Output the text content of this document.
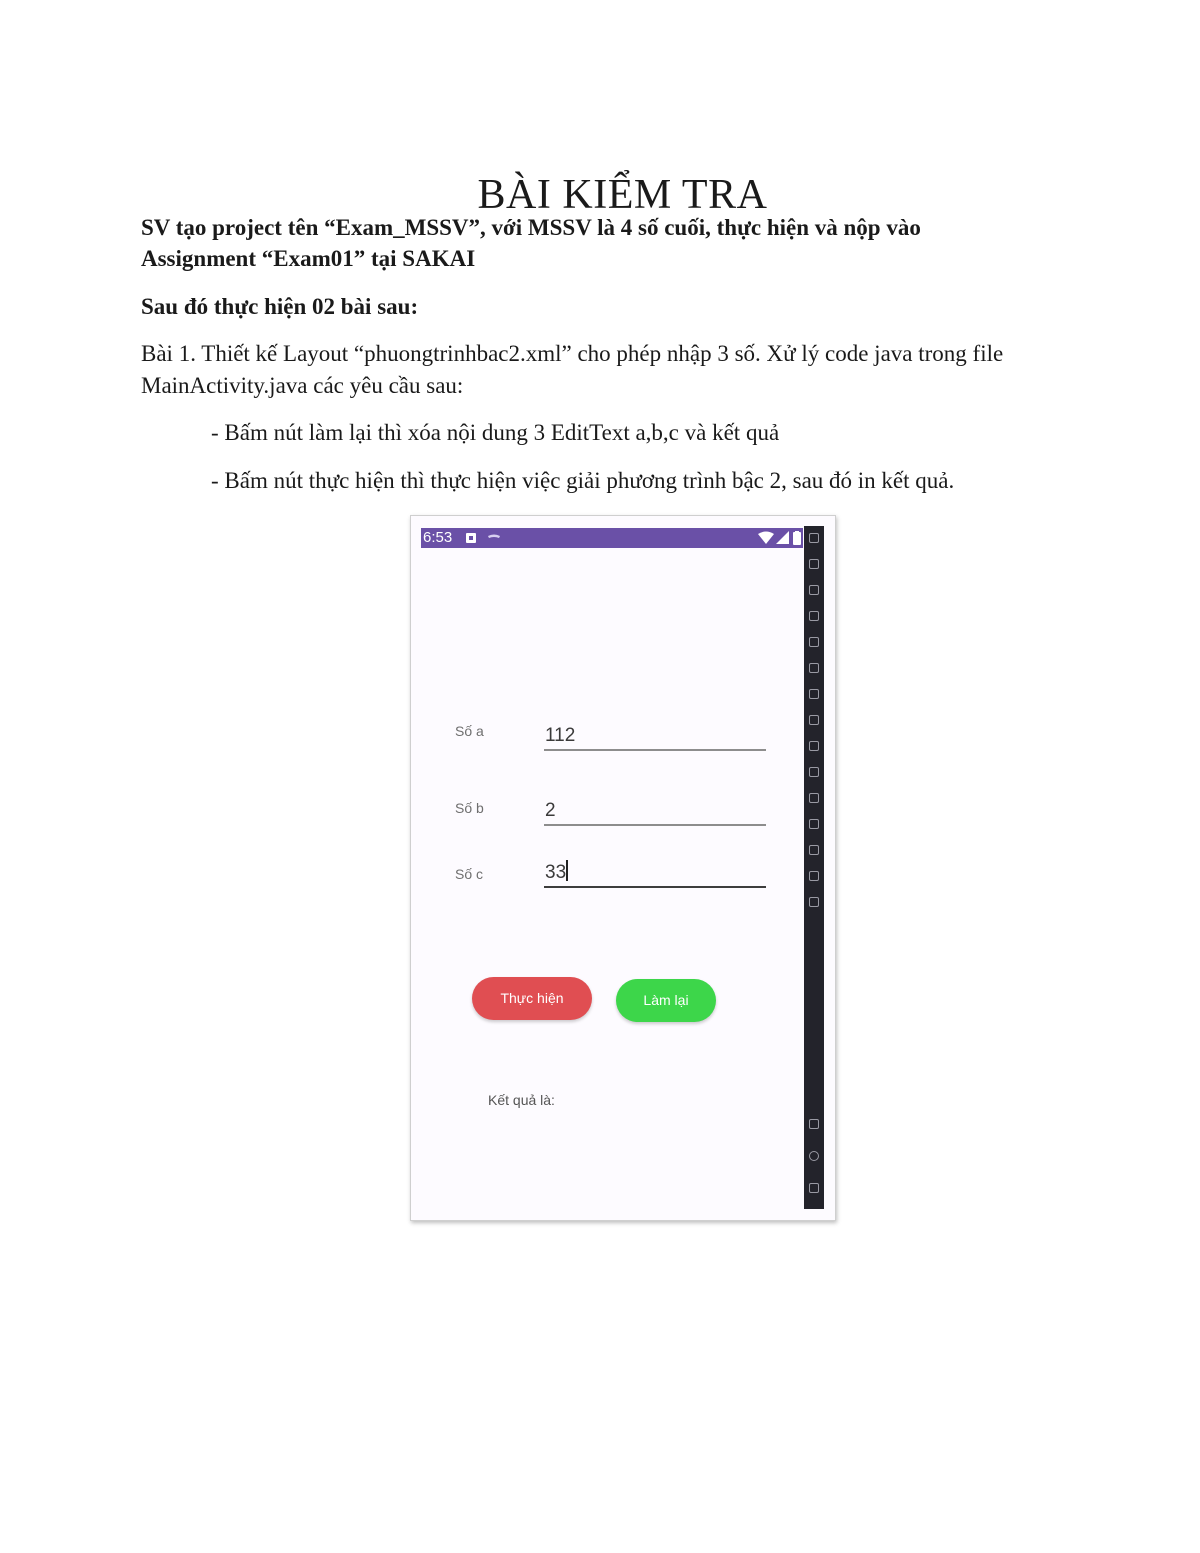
BÀI KIỂM TRA

SV tạo project tên “Exam_MSSV”, với MSSV là 4 số cuối, thực hiện và nộp vào

Assignment “Exam01” tại SAKAI

Sau đó thực hiện 02 bài sau:

Bài 1. Thiết kế Layout “phuongtrinhbac2.xml” cho phép nhập 3 số. Xử lý code java trong file

MainActivity.java các yêu cầu sau:

- Bấm nút làm lại thì xóa nội dung 3 EditText a,b,c và kết quả

- Bấm nút thực hiện thì thực hiện việc giải phương trình bậc 2, sau đó in kết quả.

6:53
Số a	112
Số b	2
Số c	33
Thực hiện	Làm lại
Kết quả là:
